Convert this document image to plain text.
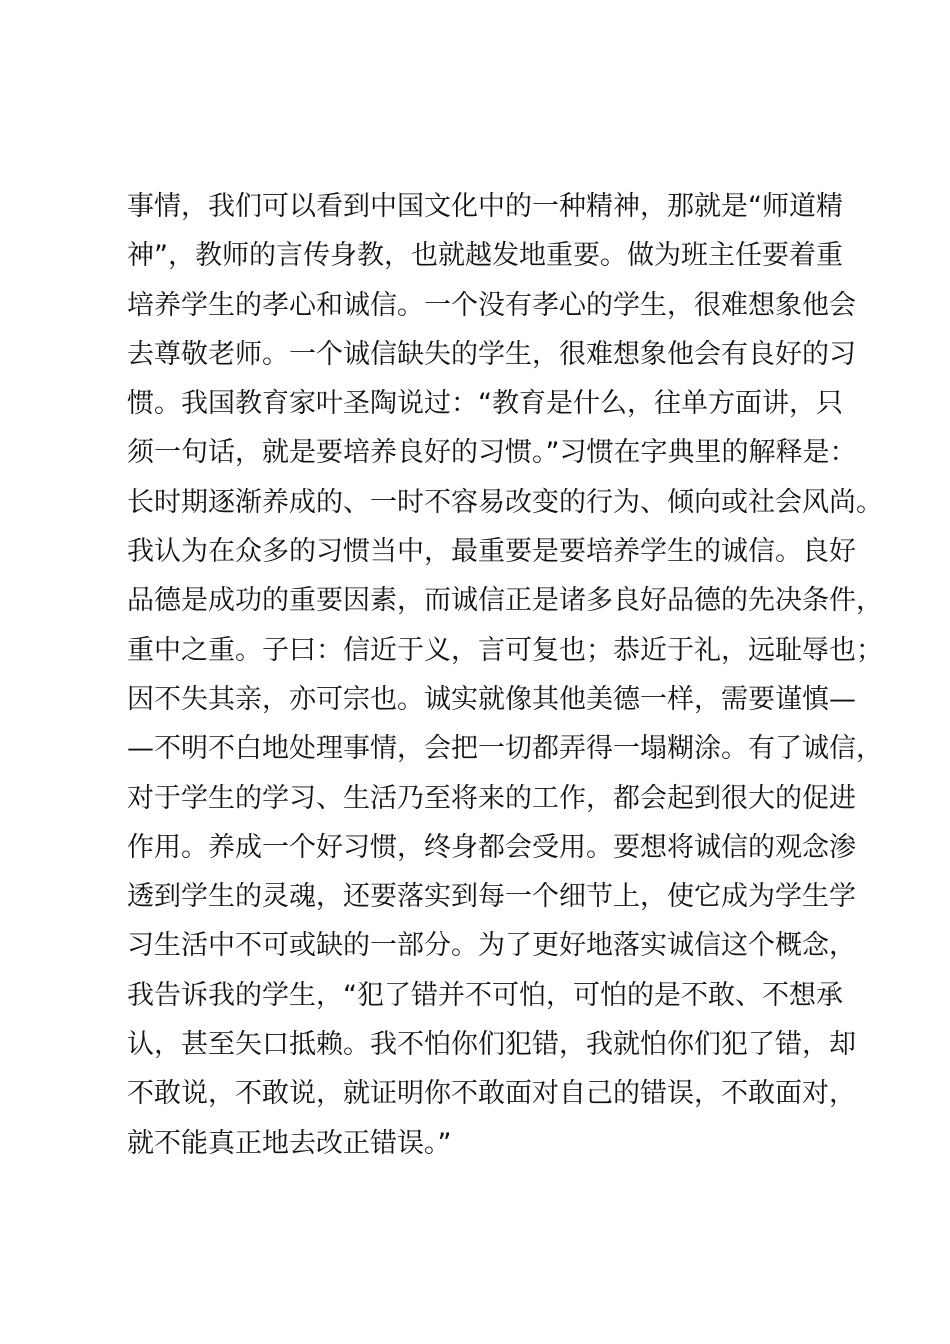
事情，我们可以看到中国文化中的一种精神，那就是“师道精
神”，教师的言传身教，也就越发地重要。做为班主任要着重
培养学生的孝心和诚信。一个没有孝心的学生，很难想象他会
去尊敬老师。一个诚信缺失的学生，很难想象他会有良好的习
惯。我国教育家叶圣陶说过：“教育是什么，往单方面讲，只
须一句话，就是要培养良好的习惯。”习惯在字典里的解释是：
长时期逐渐养成的、一时不容易改变的行为、倾向或社会风尚。
我认为在众多的习惯当中，最重要是要培养学生的诚信。良好
品德是成功的重要因素，而诚信正是诸多良好品德的先决条件，
重中之重。子曰：信近于义，言可复也；恭近于礼，远耻辱也；
因不失其亲，亦可宗也。诚实就像其他美德一样，需要谨慎—
—不明不白地处理事情，会把一切都弄得一塌糊涂。有了诚信，
对于学生的学习、生活乃至将来的工作，都会起到很大的促进
作用。养成一个好习惯，终身都会受用。要想将诚信的观念渗
透到学生的灵魂，还要落实到每一个细节上，使它成为学生学
习生活中不可或缺的一部分。为了更好地落实诚信这个概念，
我告诉我的学生，“犯了错并不可怕，可怕的是不敢、不想承
认，甚至矢口抵赖。我不怕你们犯错，我就怕你们犯了错，却
不敢说，不敢说，就证明你不敢面对自己的错误，不敢面对，
就不能真正地去改正错误。”
